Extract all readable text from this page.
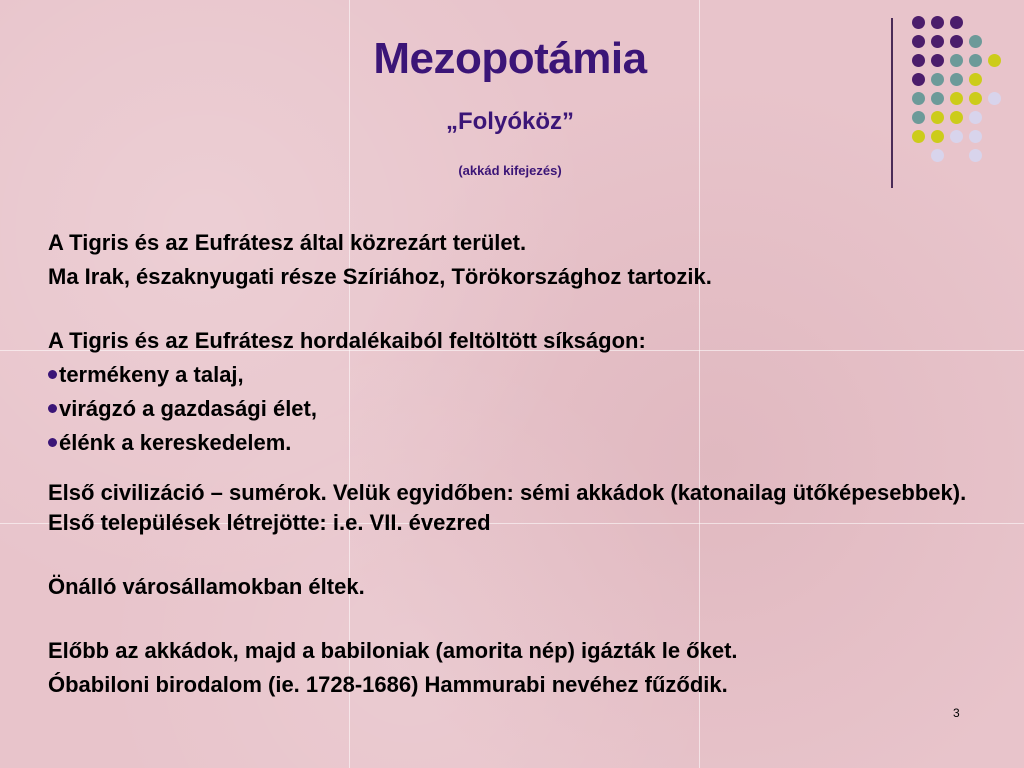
Mezopotámia
„Folyóköz”
(akkád kifejezés)

A Tigris és az Eufrátesz által közrezárt terület.

Ma Irak, északnyugati része Szíriához, Törökországhoz tartozik.

A Tigris és az Eufrátesz hordalékaiból feltöltött síkságon:

termékeny a talaj,

virágzó a gazdasági élet,

élénk a kereskedelem.

Első civilizáció – sumérok. Velük egyidőben: sémi akkádok (katonailag ütőképesebbek).

Első települések létrejötte: i.e. VII. évezred

Önálló városállamokban éltek.

Előbb az akkádok, majd a babiloniak (amorita nép) igázták le őket.

Óbabiloni birodalom (ie. 1728-1686) Hammurabi nevéhez fűződik.

3
